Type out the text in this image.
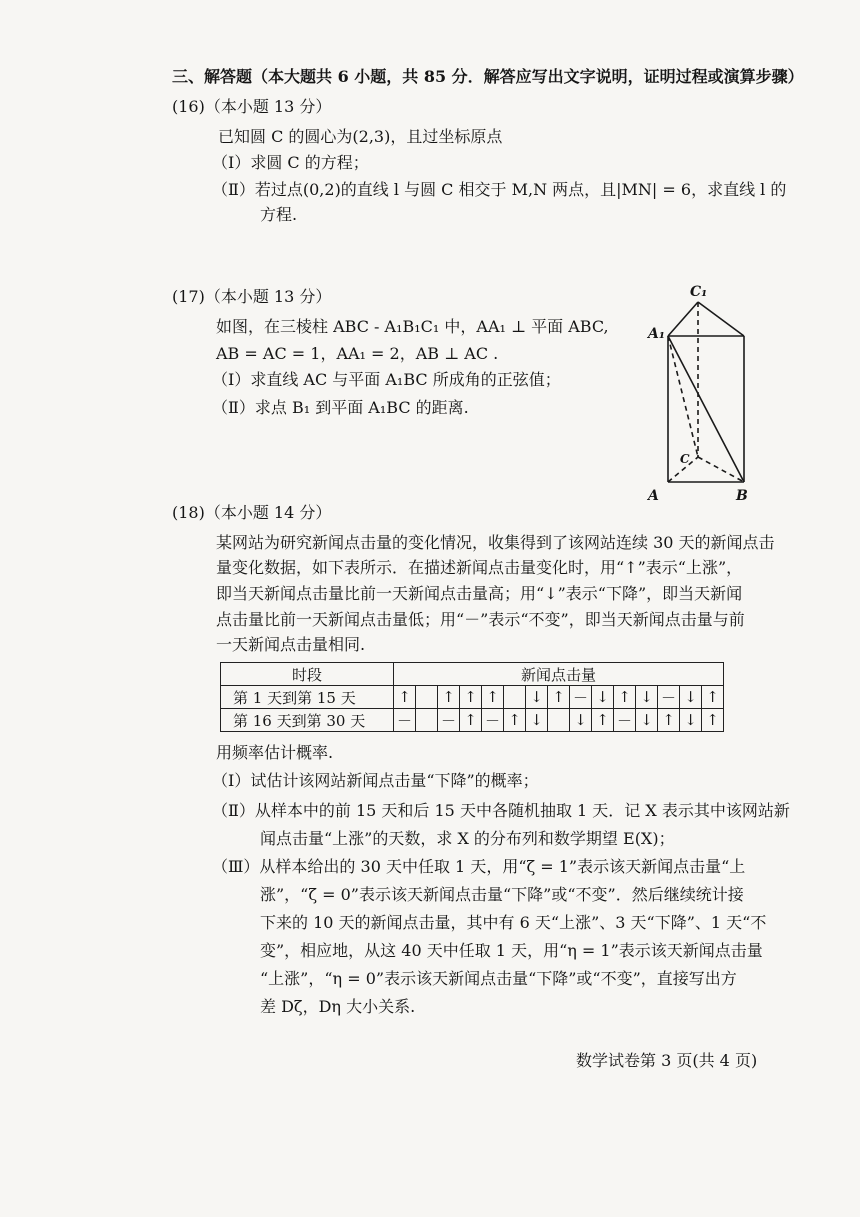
三、解答题（本大题共 6 小题，共 85 分．解答应写出文字说明，证明过程或演算步骤）
(16)（本小题 13 分）
已知圆 C 的圆心为(2,3)，且过坐标原点
（Ⅰ）求圆 C 的方程；
（Ⅱ）若过点(0,2)的直线 l 与圆 C 相交于 M,N 两点，且|MN| = 6，求直线 l 的
方程.
(17)（本小题 13 分）
如图，在三棱柱 ABC - A₁B₁C₁ 中，AA₁ ⊥ 平面 ABC,
AB = AC = 1，AA₁ = 2，AB ⊥ AC .
（Ⅰ）求直线 AC 与平面 A₁BC 所成角的正弦值；
（Ⅱ）求点 B₁ 到平面 A₁BC 的距离.
C₁
A₁
A	B
C
(18)（本小题 14 分）
某网站为研究新闻点击量的变化情况，收集得到了该网站连续 30 天的新闻点击
量变化数据，如下表所示．在描述新闻点击量变化时，用“↑”表示“上涨”，
即当天新闻点击量比前一天新闻点击量高；用“↓”表示“下降”，即当天新闻
点击量比前一天新闻点击量低；用“－”表示“不变”，即当天新闻点击量与前
一天新闻点击量相同.
时段	新闻点击量														
第 1 天到第 15 天	↑		↑	↑	↑		↓	↑	－	↓	↑	↓	－	↓	↑
第 16 天到第 30 天	－		－	↑	－	↑	↓		↓	↑	－	↓	↑	↓	↑
用频率估计概率.
（Ⅰ）试估计该网站新闻点击量“下降”的概率；
（Ⅱ）从样本中的前 15 天和后 15 天中各随机抽取 1 天．记 X 表示其中该网站新
闻点击量“上涨”的天数，求 X 的分布列和数学期望 E(X)；
（Ⅲ）从样本给出的 30 天中任取 1 天，用“ζ = 1”表示该天新闻点击量“上
涨”，“ζ = 0”表示该天新闻点击量“下降”或“不变”．然后继续统计接
下来的 10 天的新闻点击量，其中有 6 天“上涨”、3 天“下降”、1 天“不
变”，相应地，从这 40 天中任取 1 天，用“η = 1”表示该天新闻点击量
“上涨”，“η = 0”表示该天新闻点击量“下降”或“不变”，直接写出方
差 Dζ，Dη 大小关系.
数学试卷第 3 页(共 4 页)
